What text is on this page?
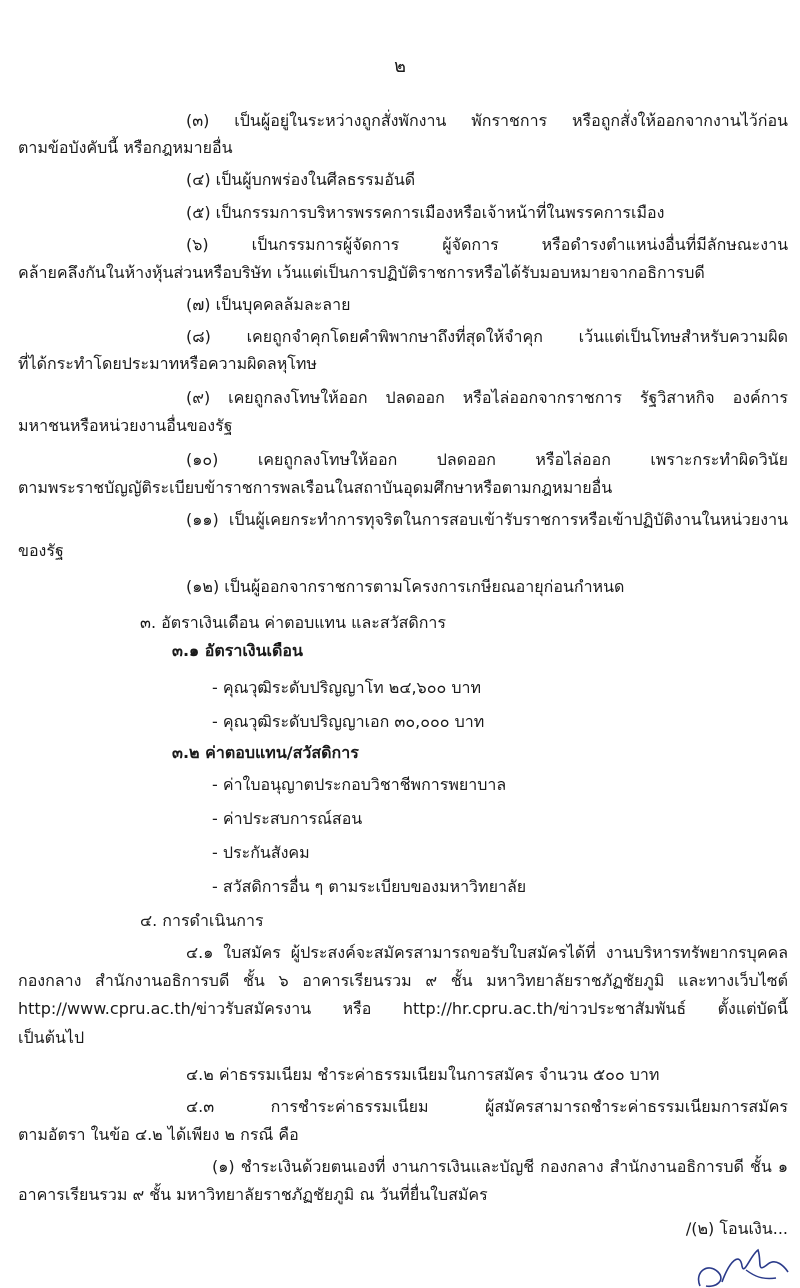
๒

(๓) เป็นผู้อยู่ในระหว่างถูกสั่งพักงาน พักราชการ หรือถูกสั่งให้ออกจากงานไว้ก่อน

ตามข้อบังคับนี้ หรือกฎหมายอื่น

(๔) เป็นผู้บกพร่องในศีลธรรมอันดี

(๕) เป็นกรรมการบริหารพรรคการเมืองหรือเจ้าหน้าที่ในพรรคการเมือง

(๖) เป็นกรรมการผู้จัดการ ผู้จัดการ หรือดำรงตำแหน่งอื่นที่มีลักษณะงาน

คล้ายคลึงกันในห้างหุ้นส่วนหรือบริษัท เว้นแต่เป็นการปฏิบัติราชการหรือได้รับมอบหมายจากอธิการบดี

(๗) เป็นบุคคลล้มละลาย

(๘) เคยถูกจำคุกโดยคำพิพากษาถึงที่สุดให้จำคุก เว้นแต่เป็นโทษสำหรับความผิด

ที่ได้กระทำโดยประมาทหรือความผิดลหุโทษ

(๙) เคยถูกลงโทษให้ออก ปลดออก หรือไล่ออกจากราชการ รัฐวิสาหกิจ องค์การ

มหาชนหรือหน่วยงานอื่นของรัฐ

(๑๐) เคยถูกลงโทษให้ออก ปลดออก หรือไล่ออก เพราะกระทำผิดวินัย

ตามพระราชบัญญัติระเบียบข้าราชการพลเรือนในสถาบันอุดมศึกษาหรือตามกฎหมายอื่น

(๑๑) เป็นผู้เคยกระทำการทุจริตในการสอบเข้ารับราชการหรือเข้าปฏิบัติงานในหน่วยงาน

ของรัฐ

(๑๒) เป็นผู้ออกจากราชการตามโครงการเกษียณอายุก่อนกำหนด

๓. อัตราเงินเดือน ค่าตอบแทน และสวัสดิการ

๓.๑ อัตราเงินเดือน

- คุณวุฒิระดับปริญญาโท ๒๔,๖๐๐ บาท

- คุณวุฒิระดับปริญญาเอก ๓๐,๐๐๐ บาท

๓.๒ ค่าตอบแทน/สวัสดิการ

- ค่าใบอนุญาตประกอบวิชาชีพการพยาบาล

- ค่าประสบการณ์สอน

- ประกันสังคม

- สวัสดิการอื่น ๆ ตามระเบียบของมหาวิทยาลัย

๔. การดำเนินการ

๔.๑ ใบสมัคร ผู้ประสงค์จะสมัครสามารถขอรับใบสมัครได้ที่ งานบริหารทรัพยากรบุคคล

กองกลาง สำนักงานอธิการบดี ชั้น ๖ อาคารเรียนรวม ๙ ชั้น มหาวิทยาลัยราชภัฏชัยภูมิ และทางเว็บไซต์

http://www.cpru.ac.th/ข่าวรับสมัครงาน หรือ http://hr.cpru.ac.th/ข่าวประชาสัมพันธ์ ตั้งแต่บัดนี้

เป็นต้นไป

๔.๒ ค่าธรรมเนียม ชำระค่าธรรมเนียมในการสมัคร จำนวน ๕๐๐ บาท

๔.๓ การชำระค่าธรรมเนียม ผู้สมัครสามารถชำระค่าธรรมเนียมการสมัคร

ตามอัตรา ในข้อ ๔.๒ ได้เพียง ๒ กรณี คือ

(๑) ชำระเงินด้วยตนเองที่ งานการเงินและบัญชี กองกลาง สำนักงานอธิการบดี ชั้น ๑

อาคารเรียนรวม ๙ ชั้น มหาวิทยาลัยราชภัฏชัยภูมิ ณ วันที่ยื่นใบสมัคร

/(๒) โอนเงิน...
